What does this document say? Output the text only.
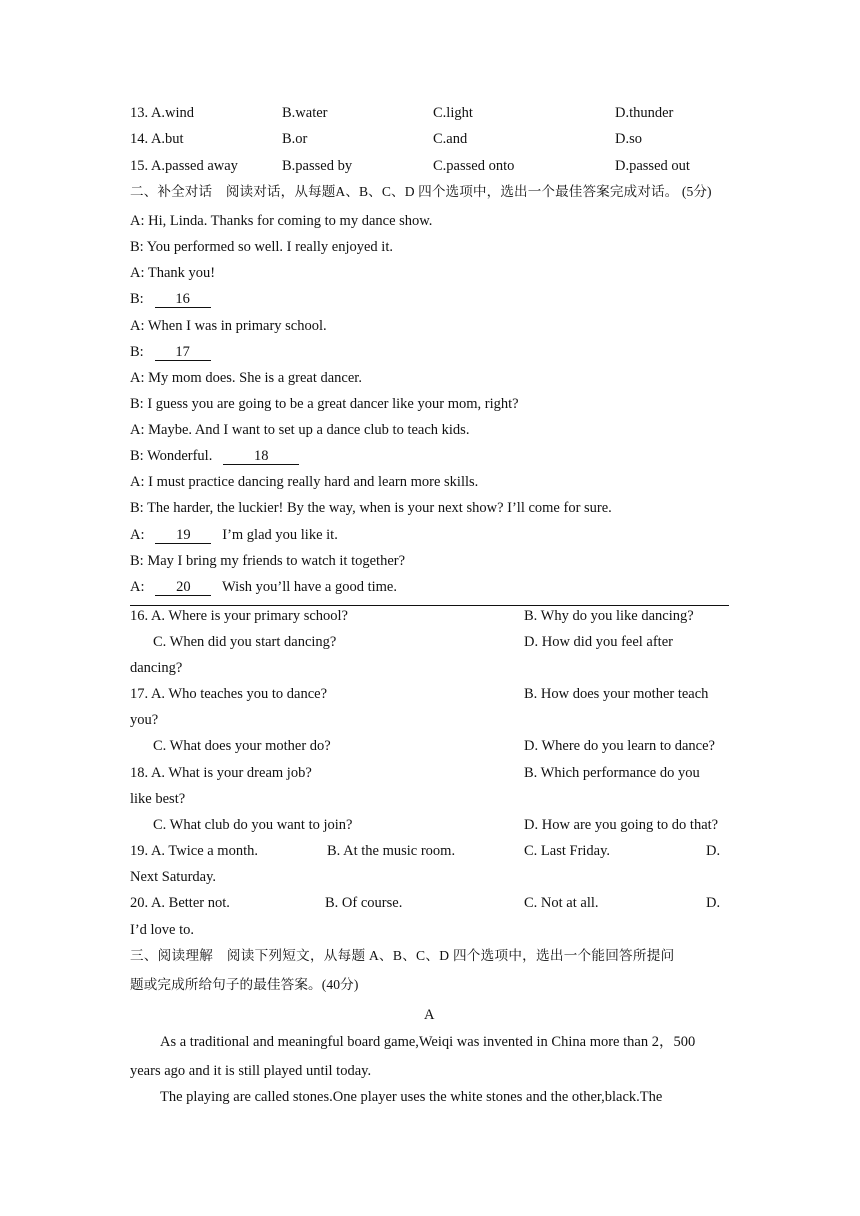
13. A.wind	B.water	C.light	D.thunder
14. A.but	B.or	C.and	D.so
15. A.passed away	B.passed by	C.passed onto	D.passed out
二、补全对话　阅读对话，从每题A、B、C、D 四个选项中，选出一个最佳答案完成对话。 (5分)
A: Hi, Linda. Thanks for coming to my dance show.
B: You performed so well. I really enjoyed it.
A: Thank you!
B: 16
A: When I was in primary school.
B: 17
A: My mom does. She is a great dancer.
B: I guess you are going to be a great dancer like your mom, right?
A: Maybe. And I want to set up a dance club to teach kids.
B: Wonderful.	18
A: I must practice dancing really hard and learn more skills.
B: The harder, the luckier! By the way, when is your next show? I’ll come for sure.
A: 19 I’m glad you like it.
B: May I bring my friends to watch it together?
A: 20 Wish you’ll have a good time.
16. A. Where is your primary school?	B. Why do you like dancing?
C. When did you start dancing?	D. How did you feel after
dancing?
17. A. Who teaches you to dance?	B. How does your mother teach
you?
C. What does your mother do?	D. Where do you learn to dance?
18. A. What is your dream job?	B. Which performance do you
like best?
C. What club do you want to join?	D. How are you going to do that?
19. A. Twice a month.	B. At the music room.	C. Last Friday.	D.
Next Saturday.
20. A. Better not.	B. Of course.	C. Not at all.	D.
I’d love to.
三、阅读理解　阅读下列短文，从每题 A、B、C、D 四个选项中，选出一个能回答所提问
题或完成所给句子的最佳答案。(40分)
A
As a traditional and meaningful board game,Weiqi was invented in China more than 2，500
years ago and it is still played until today.
The playing are called stones.One player uses the white stones and the other,black.The
